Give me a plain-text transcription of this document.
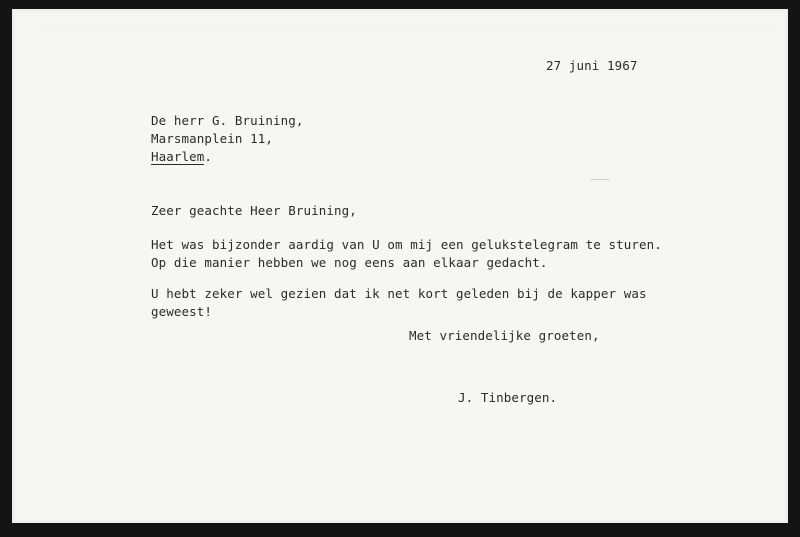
27 juni 1967
De herr G. Bruining,
Marsmanplein 11,
Haarlem.
Zeer geachte Heer Bruining,
Het was bijzonder aardig van U om mij een gelukstelegram te sturen.
Op die manier hebben we nog eens aan elkaar gedacht.
U hebt zeker wel gezien dat ik net kort geleden bij de kapper was
geweest!
Met vriendelijke groeten,
J. Tinbergen.
